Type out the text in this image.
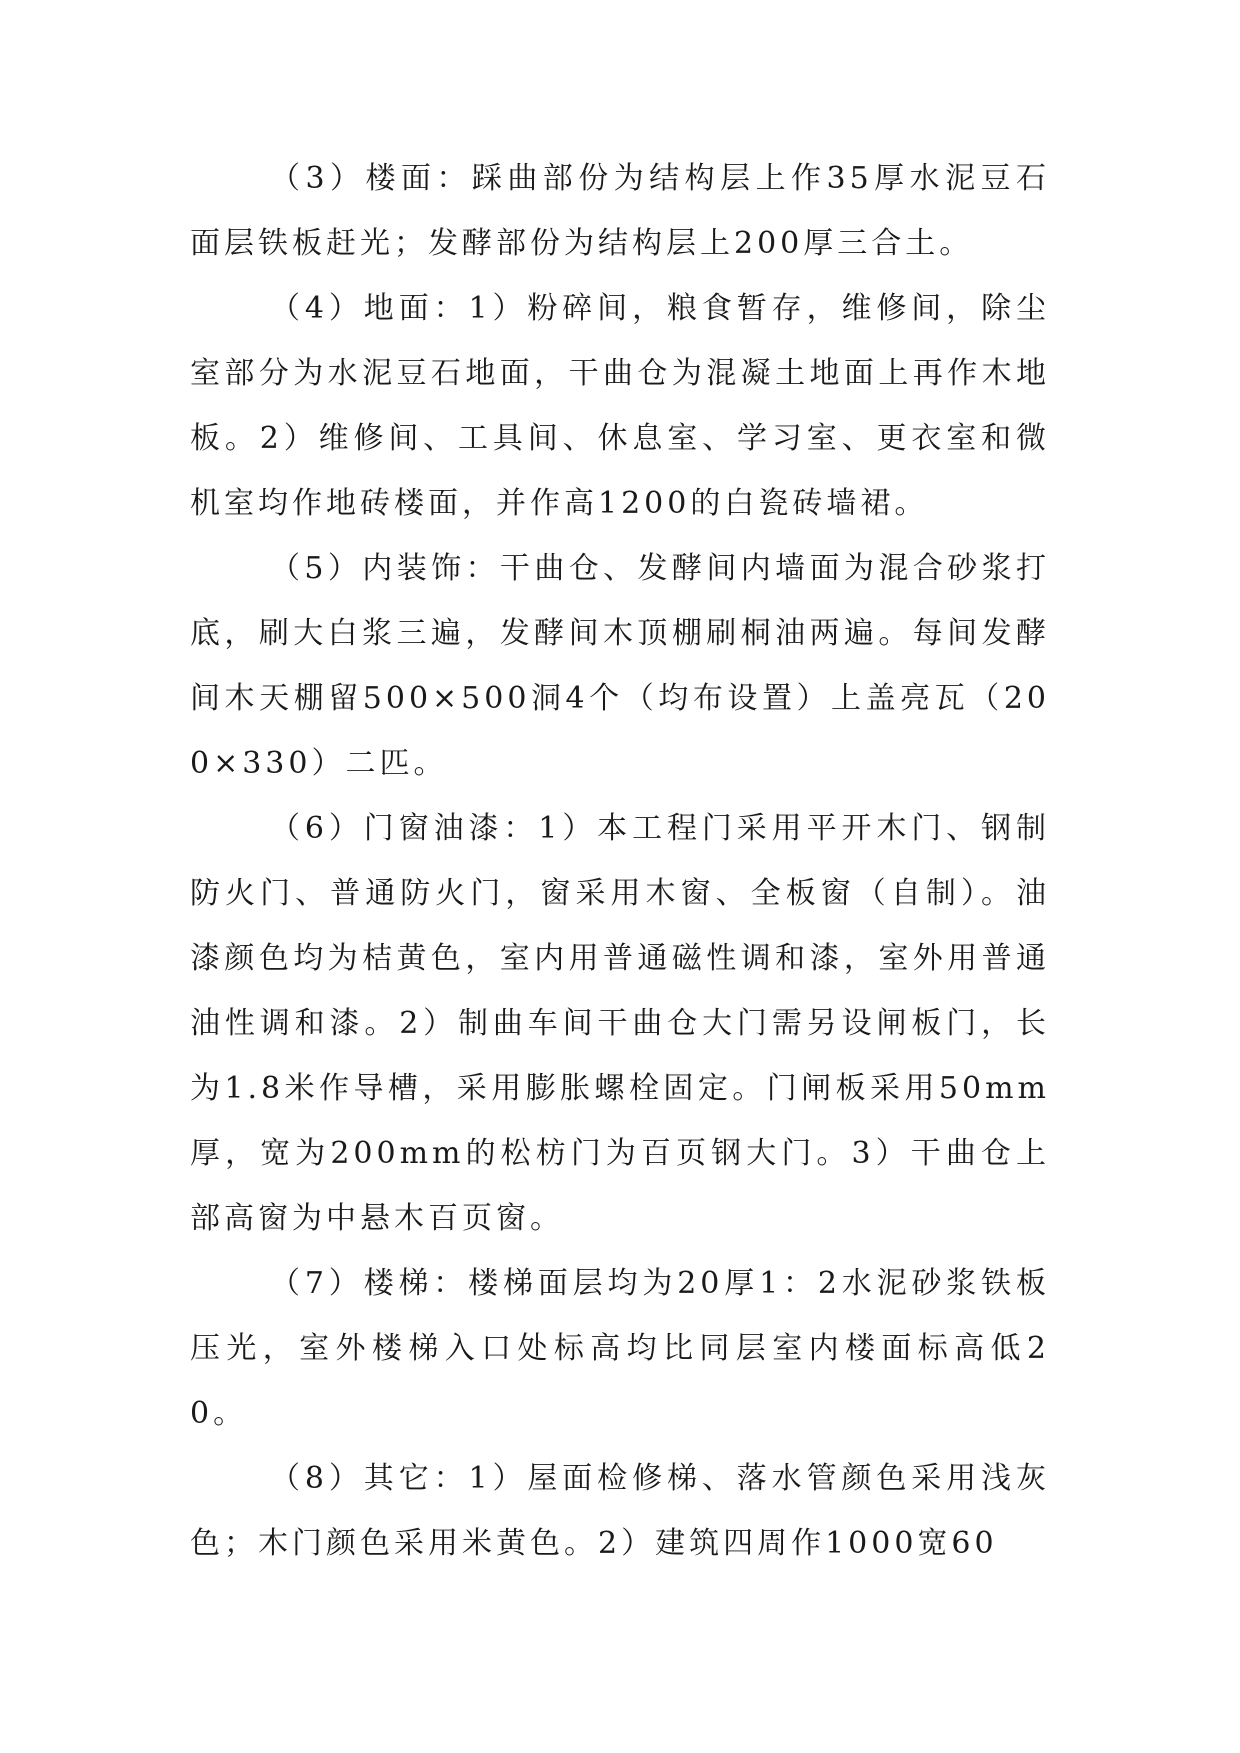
（3）楼面：踩曲部份为结构层上作35厚水泥豆石面层铁板赶光；发酵部份为结构层上200厚三合土。

（4）地面：1）粉碎间，粮食暂存，维修间，除尘室部分为水泥豆石地面，干曲仓为混凝土地面上再作木地板。2）维修间、工具间、休息室、学习室、更衣室和微机室均作地砖楼面，并作高1200的白瓷砖墙裙。

（5）内装饰：干曲仓、发酵间内墙面为混合砂浆打底，刷大白浆三遍，发酵间木顶棚刷桐油两遍。每间发酵间木天棚留500×500洞4个（均布设置）上盖亮瓦（200×330）二匹。

（6）门窗油漆：1）本工程门采用平开木门、钢制防火门、普通防火门，窗采用木窗、全板窗（自制）。油漆颜色均为桔黄色，室内用普通磁性调和漆，室外用普通油性调和漆。2）制曲车间干曲仓大门需另设闸板门，长为1.8米作导槽，采用膨胀螺栓固定。门闸板采用50mm厚，宽为200mm的松枋门为百页钢大门。3）干曲仓上部高窗为中悬木百页窗。

（7）楼梯：楼梯面层均为20厚1：2水泥砂浆铁板压光，室外楼梯入口处标高均比同层室内楼面标高低20。

（8）其它：1）屋面检修梯、落水管颜色采用浅灰色；木门颜色采用米黄色。2）建筑四周作1000宽60
